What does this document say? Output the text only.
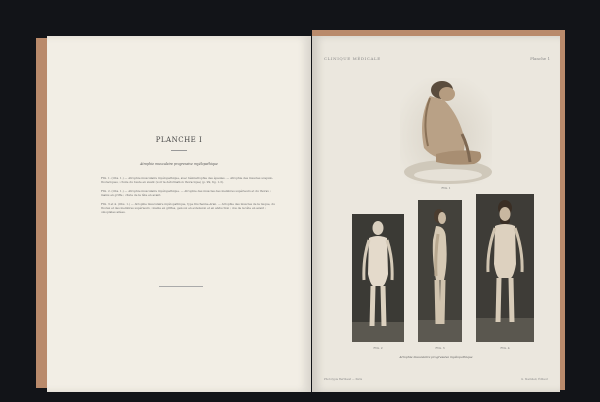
PLANCHE I
Atrophie musculaire progressive myélopathique
FIG. 1. (Obs. 1.) — Atrophie musculaire myélopathique, avec hémiatrophie des épaules. — Atrophie des muscles scapulo-thoraciques ; chute du buste en avant (voir la déformation thoracique) (p. 99, fig. 1-3).
FIG. 2. (Obs. 1.) — Atrophie musculaire myélopathique. — Atrophie des muscles des membres supérieurs et du thorax ; mains en griffe ; chute de la tête en avant.
FIG. 3 et 4. (Obs. 1.) — Atrophie musculaire myélopathique, type Duchenne-Aran. — Atrophie des muscles de la nuque, du thorax et des membres supérieurs ; mains en griffes, genoux en extension et en abduction ; dos de la tête en avant ; omoplates ailées.
CLINIQUE MÉDICALE	Planche 1
FIG. 1
FIG. 2	FIG. 3	FIG. 4
Atrophie musculaire progressive myélopathique
Phototypie Berthaud — Paris	G. Steinheil, Éditeur
